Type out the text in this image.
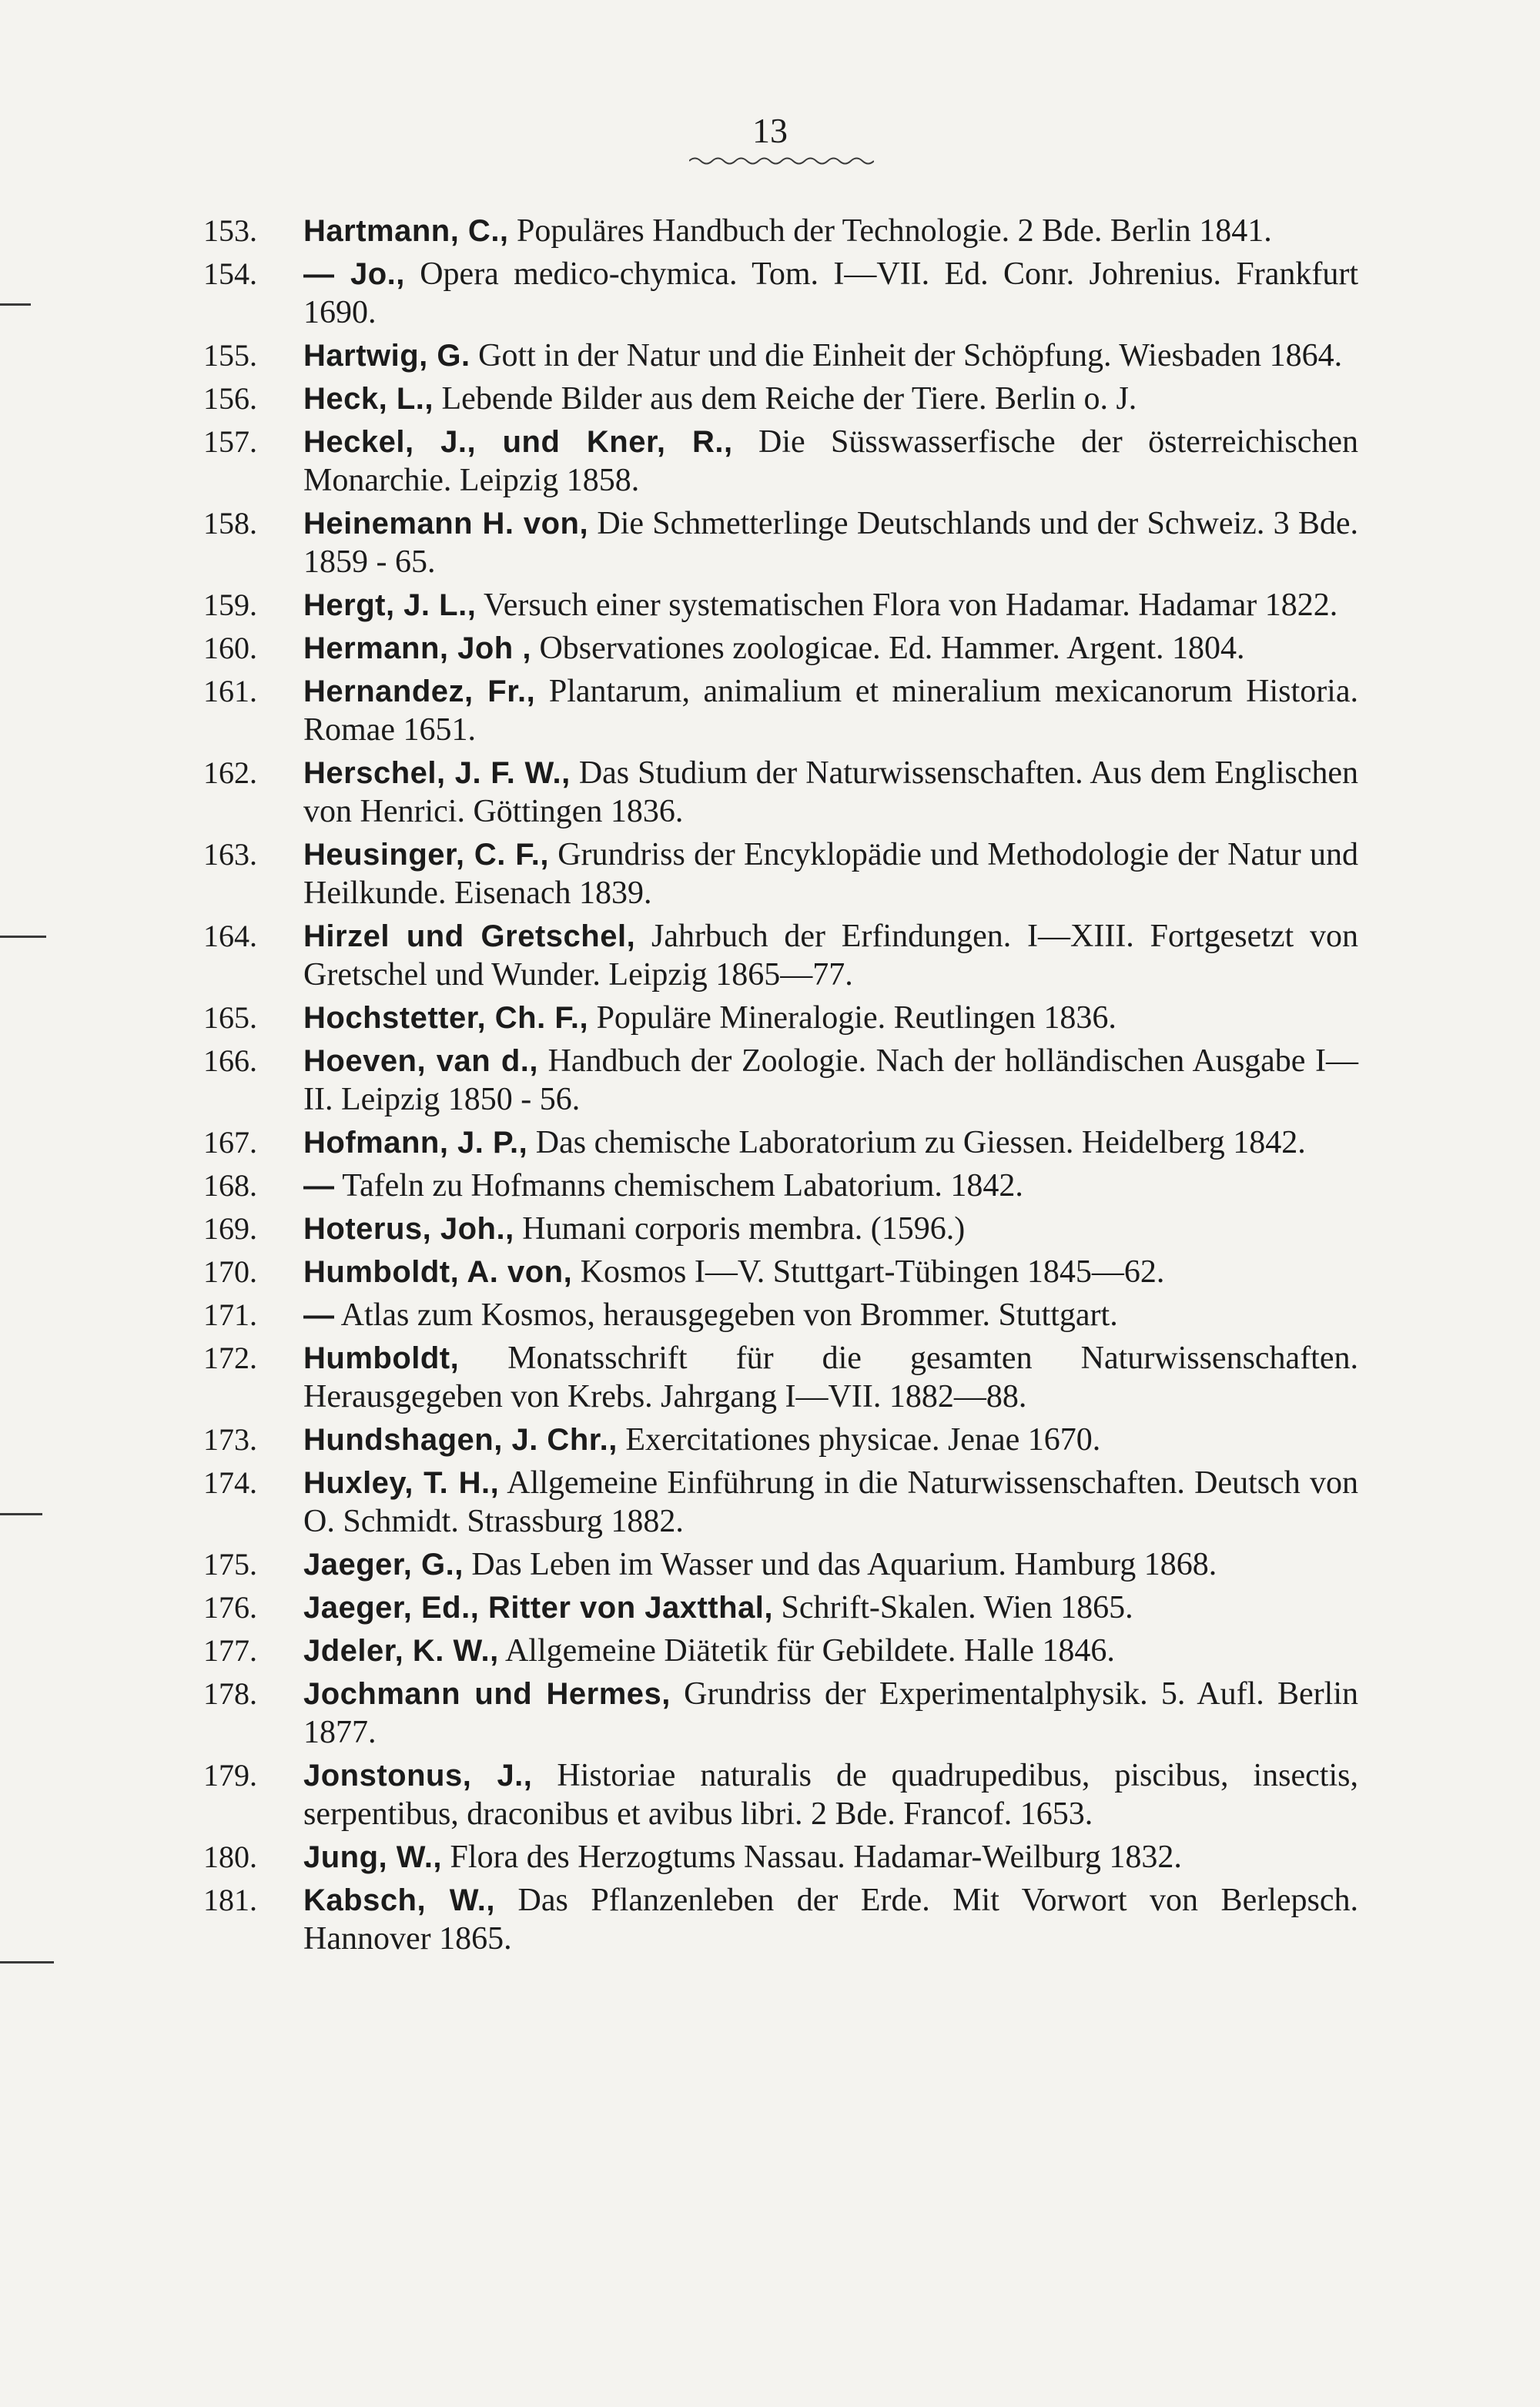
13
153.	Hartmann, C., Populäres Handbuch der Technologie. 2 Bde. Berlin 1841.
154.	— Jo., Opera medico-chymica. Tom. I—VII. Ed. Conr. Johrenius. Frankfurt 1690.
155.	Hartwig, G. Gott in der Natur und die Einheit der Schöpfung. Wiesbaden 1864.
156.	Heck, L., Lebende Bilder aus dem Reiche der Tiere. Berlin o. J.
157.	Heckel, J., und Kner, R., Die Süsswasserfische der österreichischen Monarchie. Leipzig 1858.
158.	Heinemann H. von, Die Schmetterlinge Deutschlands und der Schweiz. 3 Bde. 1859 - 65.
159.	Hergt, J. L., Versuch einer systematischen Flora von Hadamar. Hadamar 1822.
160.	Hermann, Joh , Observationes zoologicae. Ed. Hammer. Argent. 1804.
161.	Hernandez, Fr., Plantarum, animalium et mineralium mexicanorum Historia. Romae 1651.
162.	Herschel, J. F. W., Das Studium der Naturwissenschaften. Aus dem Englischen von Henrici. Göttingen 1836.
163.	Heusinger, C. F., Grundriss der Encyklopädie und Methodologie der Natur und Heilkunde. Eisenach 1839.
164.	Hirzel und Gretschel, Jahrbuch der Erfindungen. I—XIII. Fortgesetzt von Gretschel und Wunder. Leipzig 1865—77.
165.	Hochstetter, Ch. F., Populäre Mineralogie. Reutlingen 1836.
166.	Hoeven, van d., Handbuch der Zoologie. Nach der holländischen Ausgabe I—II. Leipzig 1850 - 56.
167.	Hofmann, J. P., Das chemische Laboratorium zu Giessen. Heidelberg 1842.
168.	— Tafeln zu Hofmanns chemischem Labatorium. 1842.
169.	Hoterus, Joh., Humani corporis membra. (1596.)
170.	Humboldt, A. von, Kosmos I—V. Stuttgart-Tübingen 1845—62.
171.	— Atlas zum Kosmos, herausgegeben von Brommer. Stuttgart.
172.	Humboldt, Monatsschrift für die gesamten Naturwissenschaften. Herausgegeben von Krebs. Jahrgang I—VII. 1882—88.
173.	Hundshagen, J. Chr., Exercitationes physicae. Jenae 1670.
174.	Huxley, T. H., Allgemeine Einführung in die Naturwissenschaften. Deutsch von O. Schmidt. Strassburg 1882.
175.	Jaeger, G., Das Leben im Wasser und das Aquarium. Hamburg 1868.
176.	Jaeger, Ed., Ritter von Jaxtthal, Schrift-Skalen. Wien 1865.
177.	Jdeler, K. W., Allgemeine Diätetik für Gebildete. Halle 1846.
178.	Jochmann und Hermes, Grundriss der Experimentalphysik. 5. Aufl. Berlin 1877.
179.	Jonstonus, J., Historiae naturalis de quadrupedibus, piscibus, insectis, serpentibus, draconibus et avibus libri. 2 Bde. Francof. 1653.
180.	Jung, W., Flora des Herzogtums Nassau. Hadamar-Weilburg 1832.
181.	Kabsch, W., Das Pflanzenleben der Erde. Mit Vorwort von Berlepsch. Hannover 1865.
